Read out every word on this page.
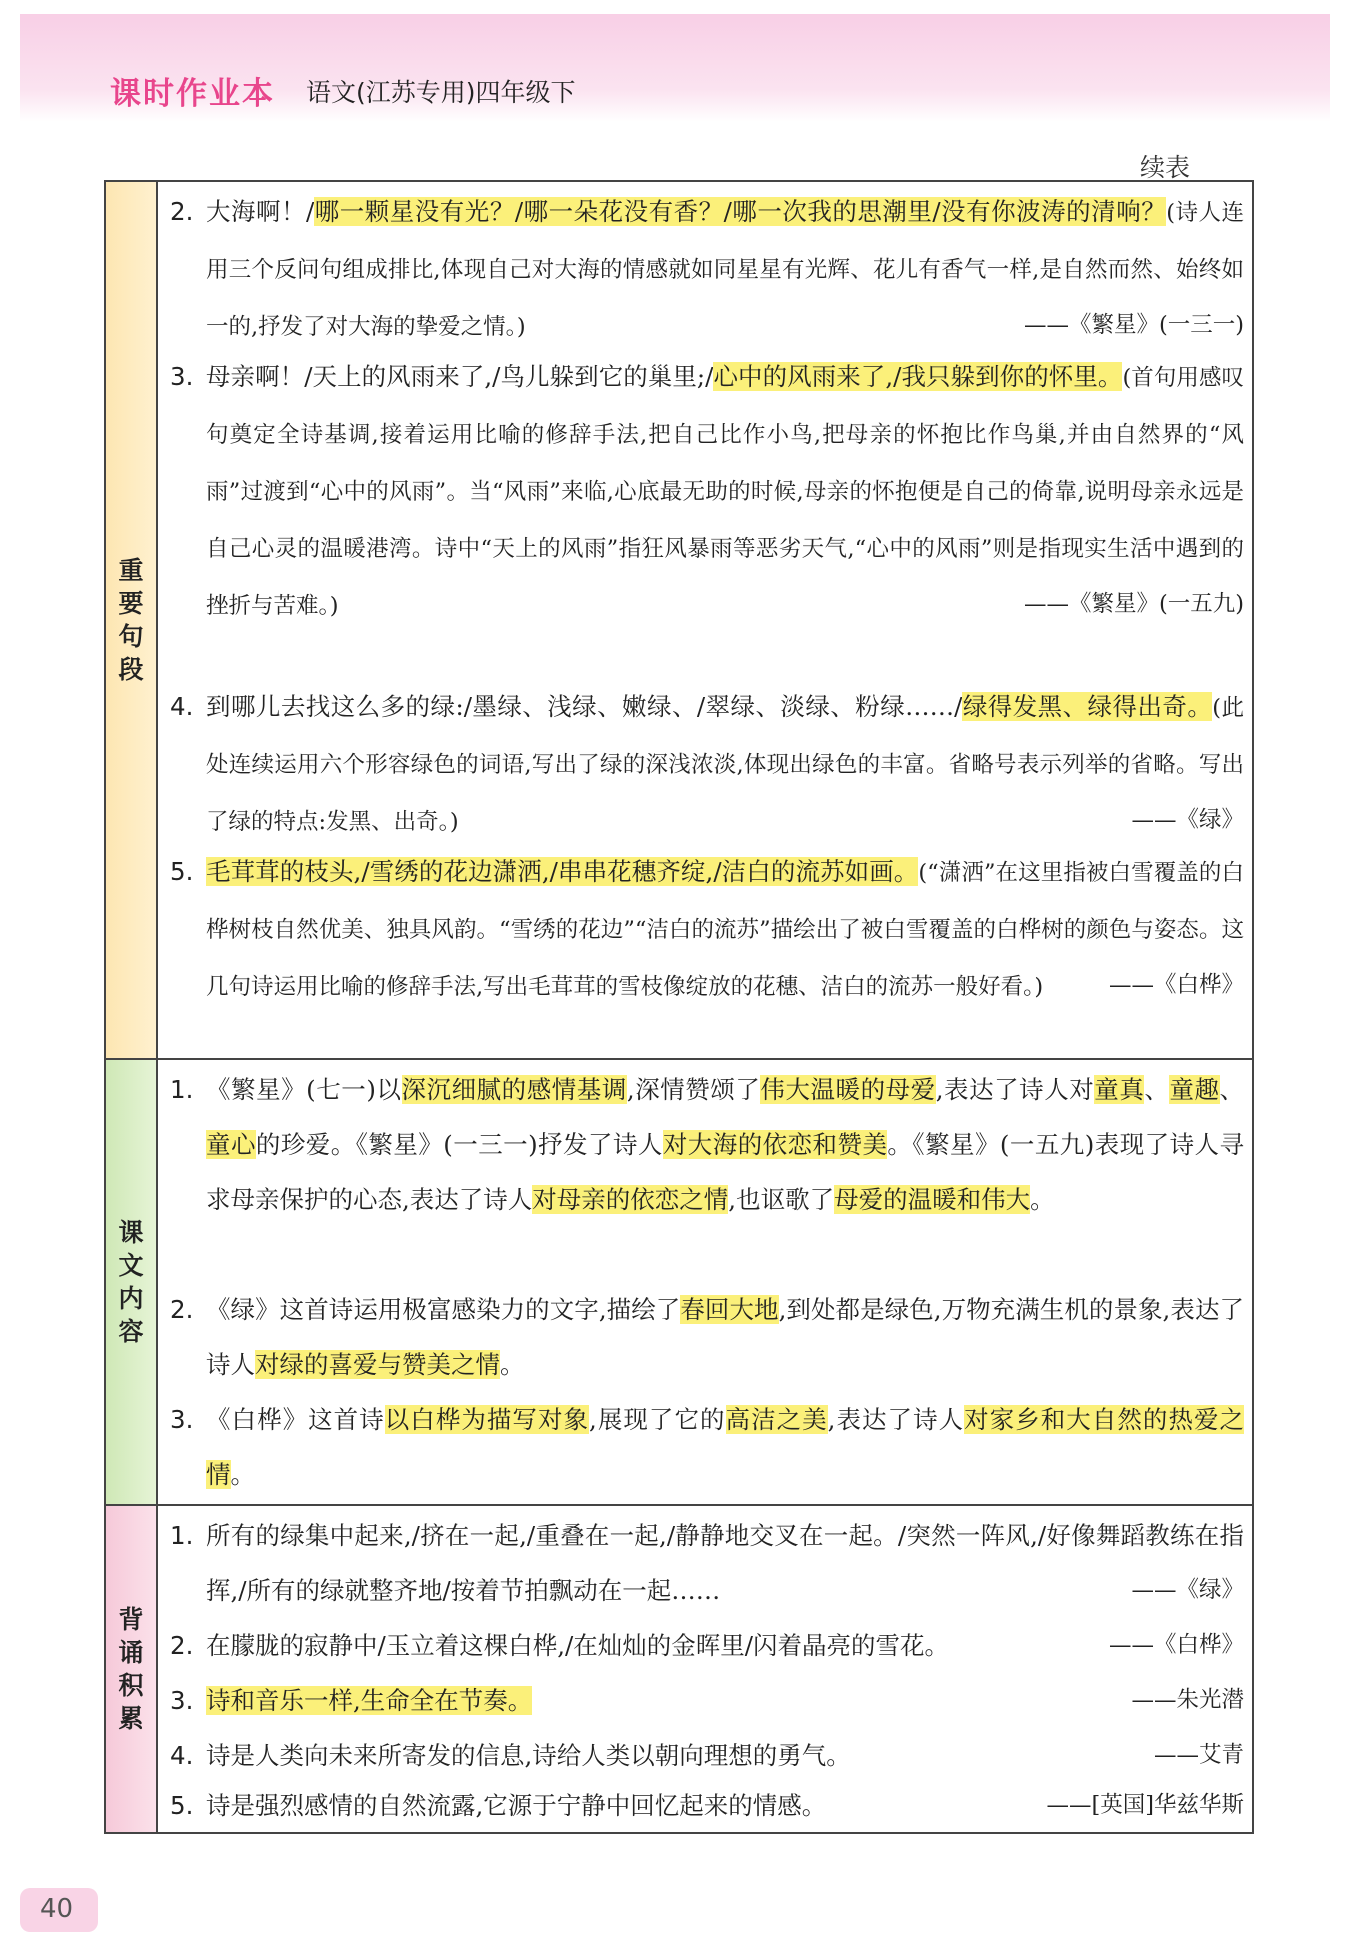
课时作业本 语文(江苏专用)四年级下
续表
重要句段
2. 大海啊！/哪一颗星没有光？/哪一朵花没有香？/哪一次我的思潮里/没有你波涛的清响？(诗人连用三个反问句组成排比,体现自己对大海的情感就如同星星有光辉、花儿有香气一样,是自然而然、始终如一的,抒发了对大海的挚爱之情。)	——《繁星》(一三一)
3. 母亲啊！/天上的风雨来了,/鸟儿躲到它的巢里;/心中的风雨来了,/我只躲到你的怀里。(首句用感叹句奠定全诗基调,接着运用比喻的修辞手法,把自己比作小鸟,把母亲的怀抱比作鸟巢,并由自然界的“风雨”过渡到“心中的风雨”。当“风雨”来临,心底最无助的时候,母亲的怀抱便是自己的倚靠,说明母亲永远是自己心灵的温暖港湾。诗中“天上的风雨”指狂风暴雨等恶劣天气,“心中的风雨”则是指现实生活中遇到的挫折与苦难。)	——《繁星》(一五九)
4. 到哪儿去找这么多的绿:/墨绿、浅绿、嫩绿、/翠绿、淡绿、粉绿……/绿得发黑、绿得出奇。(此处连续运用六个形容绿色的词语,写出了绿的深浅浓淡,体现出绿色的丰富。省略号表示列举的省略。写出了绿的特点:发黑、出奇。)	——《绿》
5. 毛茸茸的枝头,/雪绣的花边潇洒,/串串花穗齐绽,/洁白的流苏如画。(“潇洒”在这里指被白雪覆盖的白桦树枝自然优美、独具风韵。“雪绣的花边”“洁白的流苏”描绘出了被白雪覆盖的白桦树的颜色与姿态。这几句诗运用比喻的修辞手法,写出毛茸茸的雪枝像绽放的花穗、洁白的流苏一般好看。)	——《白桦》
课文内容
1. 《繁星》(七一)以深沉细腻的感情基调,深情赞颂了伟大温暖的母爱,表达了诗人对童真、童趣、童心的珍爱。《繁星》(一三一)抒发了诗人对大海的依恋和赞美。《繁星》(一五九)表现了诗人寻求母亲保护的心态,表达了诗人对母亲的依恋之情,也讴歌了母爱的温暖和伟大。
2. 《绿》这首诗运用极富感染力的文字,描绘了春回大地,到处都是绿色,万物充满生机的景象,表达了诗人对绿的喜爱与赞美之情。
3. 《白桦》这首诗以白桦为描写对象,展现了它的高洁之美,表达了诗人对家乡和大自然的热爱之情。
背诵积累
1. 所有的绿集中起来,/挤在一起,/重叠在一起,/静静地交叉在一起。/突然一阵风,/好像舞蹈教练在指挥,/所有的绿就整齐地/按着节拍飘动在一起……	——《绿》
2. 在朦胧的寂静中/玉立着这棵白桦,/在灿灿的金晖里/闪着晶亮的雪花。	——《白桦》
3. 诗和音乐一样,生命全在节奏。	——朱光潜
4. 诗是人类向未来所寄发的信息,诗给人类以朝向理想的勇气。	——艾青
5. 诗是强烈感情的自然流露,它源于宁静中回忆起来的情感。	——[英国]华兹华斯
40
